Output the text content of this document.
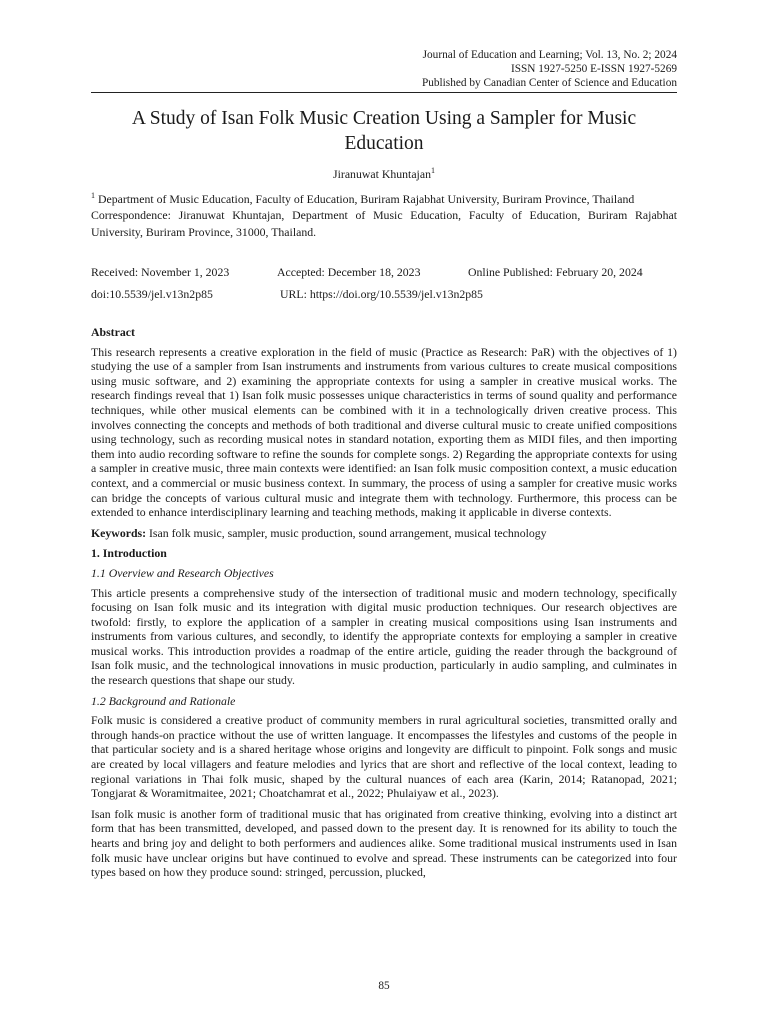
Journal of Education and Learning; Vol. 13, No. 2; 2024
ISSN 1927-5250 E-ISSN 1927-5269
Published by Canadian Center of Science and Education
A Study of Isan Folk Music Creation Using a Sampler for Music Education
Jiranuwat Khuntajan$^1$
$^1$ Department of Music Education, Faculty of Education, Buriram Rajabhat University, Buriram Province, Thailand
Correspondence: Jiranuwat Khuntajan, Department of Music Education, Faculty of Education, Buriram Rajabhat University, Buriram Province, 31000, Thailand.
Received: November 1, 2023	Accepted: December 18, 2023	Online Published: February 20, 2024
doi:10.5539/jel.v13n2p85	URL: https://doi.org/10.5539/jel.v13n2p85

Abstract

This research represents a creative exploration in the field of music (Practice as Research: PaR) with the objectives of 1) studying the use of a sampler from Isan instruments and instruments from various cultures to create musical compositions using music software, and 2) examining the appropriate contexts for using a sampler in creative musical works. The research findings reveal that 1) Isan folk music possesses unique characteristics in terms of sound quality and performance techniques, while other musical elements can be combined with it in a technologically driven creative process. This involves connecting the concepts and methods of both traditional and diverse cultural music to create unified compositions using technology, such as recording musical notes in standard notation, exporting them as MIDI files, and then importing them into audio recording software to refine the sounds for complete songs. 2) Regarding the appropriate contexts for using a sampler in creative music, three main contexts were identified: an Isan folk music composition context, a music education context, and a commercial or music business context. In summary, the process of using a sampler for creative music works can bridge the concepts of various cultural music and integrate them with technology. Furthermore, this process can be extended to enhance interdisciplinary learning and teaching methods, making it applicable in diverse contexts.

Keywords: Isan folk music, sampler, music production, sound arrangement, musical technology

1. Introduction

1.1 Overview and Research Objectives

This article presents a comprehensive study of the intersection of traditional music and modern technology, specifically focusing on Isan folk music and its integration with digital music production techniques. Our research objectives are twofold: firstly, to explore the application of a sampler in creating musical compositions using Isan instruments and instruments from various cultures, and secondly, to identify the appropriate contexts for employing a sampler in creative musical works. This introduction provides a roadmap of the entire article, guiding the reader through the background of Isan folk music, and the technological innovations in music production, particularly in audio sampling, and culminates in the research questions that shape our study.

1.2 Background and Rationale

Folk music is considered a creative product of community members in rural agricultural societies, transmitted orally and through hands-on practice without the use of written language. It encompasses the lifestyles and customs of the people in that particular society and is a shared heritage whose origins and longevity are difficult to pinpoint. Folk songs and music are created by local villagers and feature melodies and lyrics that are short and reflective of the local context, leading to regional variations in Thai folk music, shaped by the cultural nuances of each area (Karin, 2014; Ratanopad, 2021; Tongjarat & Woramitmaitee, 2021; Choatchamrat et al., 2022; Phulaiyaw et al., 2023).

Isan folk music is another form of traditional music that has originated from creative thinking, evolving into a distinct art form that has been transmitted, developed, and passed down to the present day. It is renowned for its ability to touch the hearts and bring joy and delight to both performers and audiences alike. Some traditional musical instruments used in Isan folk music have unclear origins but have continued to evolve and spread. These instruments can be categorized into four types based on how they produce sound: stringed, percussion, plucked,

85
